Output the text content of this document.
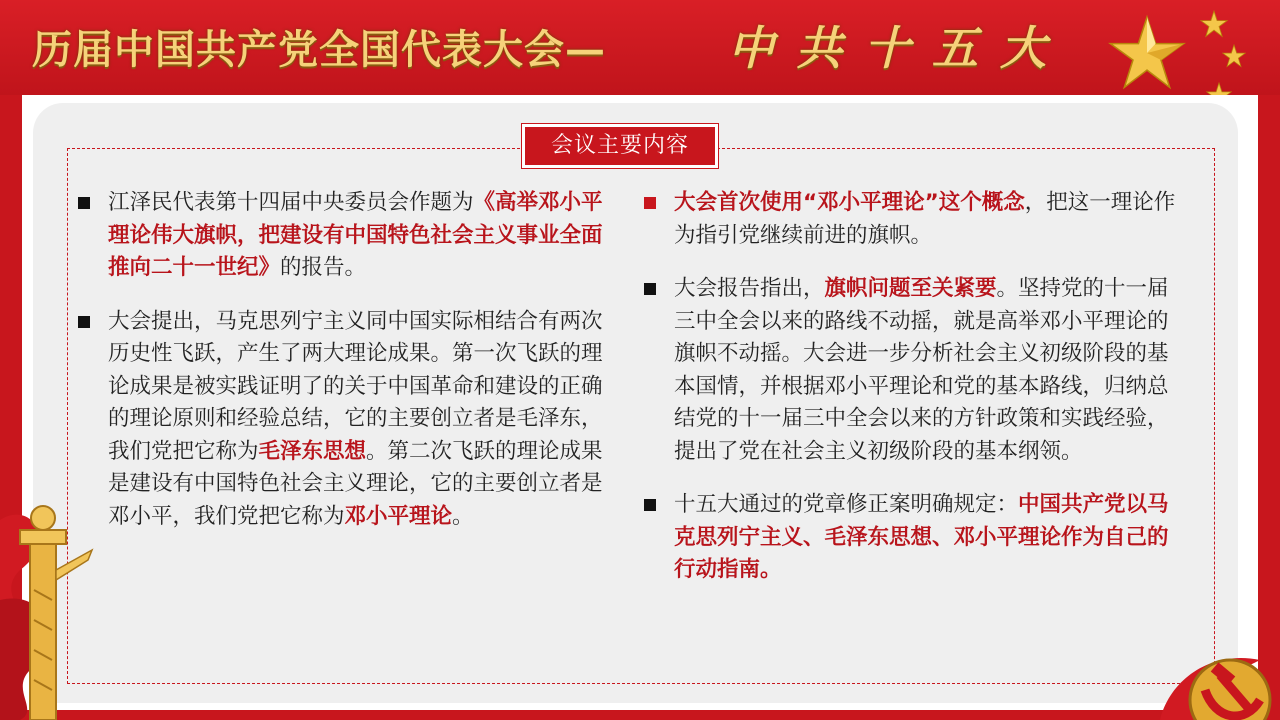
历届中国共产党全国代表大会—	中共十五大
会议主要内容
江泽民代表第十四届中央委员会作题为《高举邓小平理论伟大旗帜，把建设有中国特色社会主义事业全面推向二十一世纪》的报告。
大会提出，马克思列宁主义同中国实际相结合有两次历史性飞跃，产生了两大理论成果。第一次飞跃的理论成果是被实践证明了的关于中国革命和建设的正确的理论原则和经验总结，它的主要创立者是毛泽东，我们党把它称为毛泽东思想。第二次飞跃的理论成果是建设有中国特色社会主义理论，它的主要创立者是邓小平，我们党把它称为邓小平理论。
大会首次使用“邓小平理论”这个概念，把这一理论作为指引党继续前进的旗帜。
大会报告指出，旗帜问题至关紧要。坚持党的十一届三中全会以来的路线不动摇，就是高举邓小平理论的旗帜不动摇。大会进一步分析社会主义初级阶段的基本国情，并根据邓小平理论和党的基本路线，归纳总结党的十一届三中全会以来的方针政策和实践经验，提出了党在社会主义初级阶段的基本纲领。
十五大通过的党章修正案明确规定：中国共产党以马克思列宁主义、毛泽东思想、邓小平理论作为自己的行动指南。
